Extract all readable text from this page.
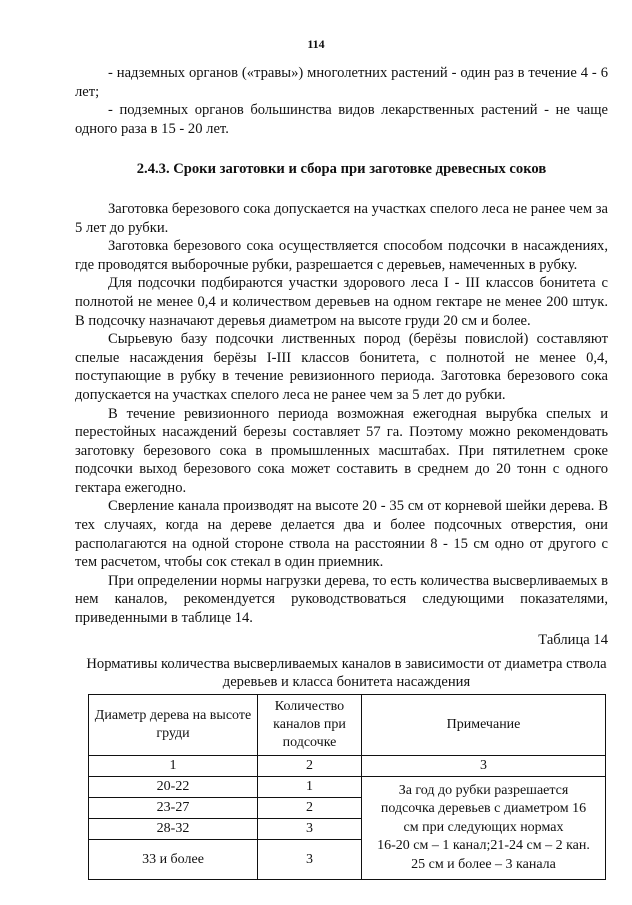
114

- надземных органов («травы») многолетних растений - один раз в течение 4 - 6 лет;

- подземных органов большинства видов лекарственных растений - не чаще одного раза в 15 - 20 лет.

2.4.3. Сроки заготовки и сбора при заготовке древесных соков

Заготовка березового сока допускается на участках спелого леса не ранее чем за 5 лет до рубки.

Заготовка березового сока осуществляется способом подсочки в насаждениях, где проводятся выборочные рубки, разрешается с деревьев, намеченных в рубку.

Для подсочки подбираются участки здорового леса I - III классов бонитета с полнотой не менее 0,4 и количеством деревьев на одном гектаре не менее 200 штук. В подсочку назначают деревья диаметром на высоте груди 20 см и более.

Сырьевую базу подсочки лиственных пород (берёзы повислой) составляют спелые насаждения берёзы I-III классов бонитета, с полнотой не менее 0,4, поступающие в рубку в течение ревизионного периода. Заготовка березового сока допускается на участках спелого леса не ранее чем за 5 лет до рубки.

В течение ревизионного периода возможная ежегодная вырубка спелых и перестойных насаждений березы составляет 57 га. Поэтому можно рекомендовать заготовку березового сока в промышленных масштабах. При пятилетнем сроке подсочки выход березового сока может составить в среднем до 20 тонн с одного гектара ежегодно.

Сверление канала производят на высоте 20 - 35 см от корневой шейки дерева. В тех случаях, когда на дереве делается два и более подсочных отверстия, они располагаются на одной стороне ствола на расстоянии 8 - 15 см одно от другого с тем расчетом, чтобы сок стекал в один приемник.

При определении нормы нагрузки дерева, то есть количества высверливаемых в нем каналов, рекомендуется руководствоваться следующими показателями, приведенными в таблице 14.

Таблица 14
Нормативы количества высверливаемых каналов в зависимости от диаметра ствола деревьев и класса бонитета насаждения
Диаметр дерева на высоте груди	Количество каналов при подсочке	Примечание
1	2	3
20-22	1	За год до рубки разрешается
подсочка деревьев с диаметром 16
см при следующих нормах
16-20 см – 1 канал;21-24 см – 2 кан.
25 см и более – 3 канала

23-27	2	
28-32	3	
33 и более	3	
